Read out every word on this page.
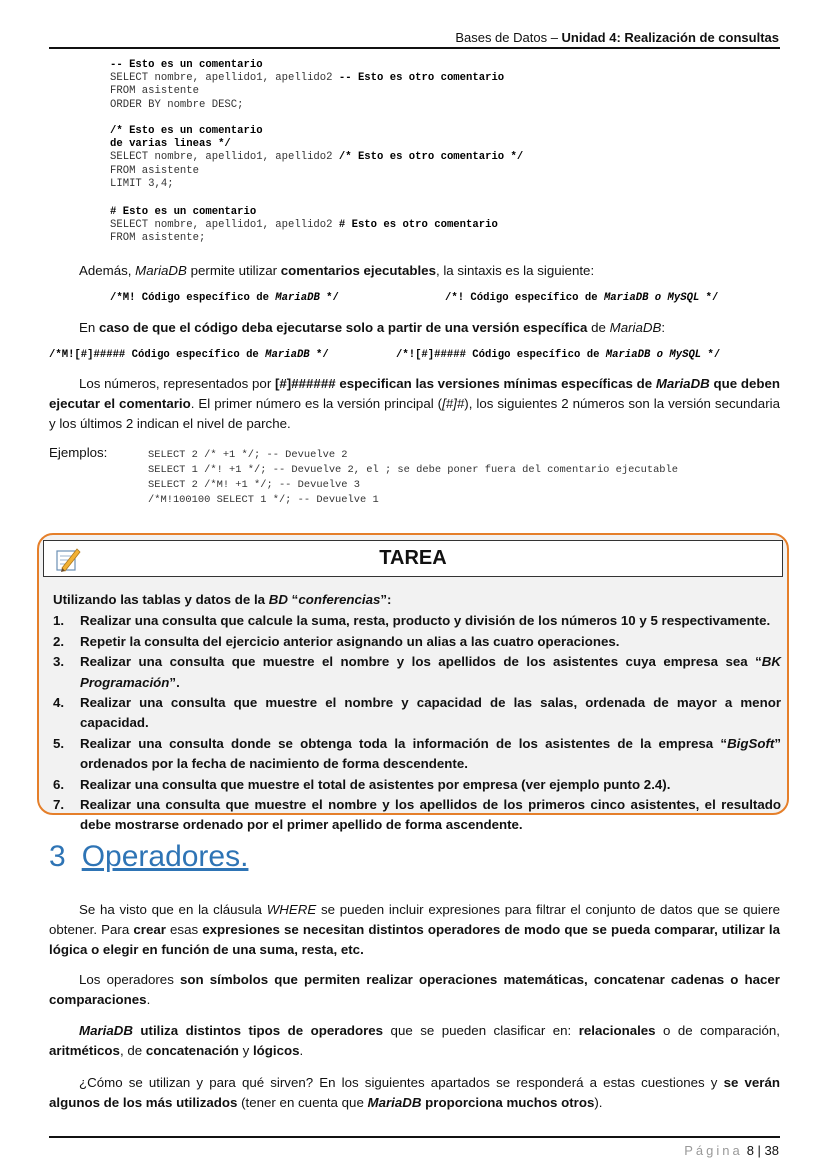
Bases de Datos – Unidad 4: Realización de consultas
-- Esto es un comentario
SELECT nombre, apellido1, apellido2 -- Esto es otro comentario
FROM asistente
ORDER BY nombre DESC;
/* Esto es un comentario
de varias lineas */
SELECT nombre, apellido1, apellido2 /* Esto es otro comentario */
FROM asistente
LIMIT 3,4;
# Esto es un comentario
SELECT nombre, apellido1, apellido2 # Esto es otro comentario
FROM asistente;
Además, MariaDB permite utilizar comentarios ejecutables, la sintaxis es la siguiente:
/*M! Código específico de MariaDB */	/*! Código específico de MariaDB o MySQL */
En caso de que el código deba ejecutarse solo a partir de una versión específica de MariaDB:
/*M![#]##### Código específico de MariaDB */	/*![#]##### Código específico de MariaDB o MySQL */
Los números, representados por [#]###### especifican las versiones mínimas específicas de MariaDB que deben ejecutar el comentario. El primer número es la versión principal ([#]#), los siguientes 2 números son la versión secundaria y los últimos 2 indican el nivel de parche.
Ejemplos:	SELECT 2 /* +1 */; -- Devuelve 2
SELECT 1 /*! +1 */; -- Devuelve 2, el ; se debe poner fuera del comentario ejecutable
SELECT 2 /*M! +1 */; -- Devuelve 3
/*M!100100 SELECT 1 */; -- Devuelve 1
TAREA
Utilizando las tablas y datos de la BD “conferencias”:
1. Realizar una consulta que calcule la suma, resta, producto y división de los números 10 y 5 respectivamente.
2. Repetir la consulta del ejercicio anterior asignando un alias a las cuatro operaciones.
3. Realizar una consulta que muestre el nombre y los apellidos de los asistentes cuya empresa sea “BK Programación”.
4. Realizar una consulta que muestre el nombre y capacidad de las salas, ordenada de mayor a menor capacidad.
5. Realizar una consulta donde se obtenga toda la información de los asistentes de la empresa “BigSoft” ordenados por la fecha de nacimiento de forma descendente.
6. Realizar una consulta que muestre el total de asistentes por empresa (ver ejemplo punto 2.4).
7. Realizar una consulta que muestre el nombre y los apellidos de los primeros cinco asistentes, el resultado debe mostrarse ordenado por el primer apellido de forma ascendente.
3 Operadores.
Se ha visto que en la cláusula WHERE se pueden incluir expresiones para filtrar el conjunto de datos que se quiere obtener. Para crear esas expresiones se necesitan distintos operadores de modo que se pueda comparar, utilizar la lógica o elegir en función de una suma, resta, etc.
Los operadores son símbolos que permiten realizar operaciones matemáticas, concatenar cadenas o hacer comparaciones.
MariaDB utiliza distintos tipos de operadores que se pueden clasificar en: relacionales o de comparación, aritméticos, de concatenación y lógicos.
¿Cómo se utilizan y para qué sirven? En los siguientes apartados se responderá a estas cuestiones y se verán algunos de los más utilizados (tener en cuenta que MariaDB proporciona muchos otros).
Página 8 | 38
